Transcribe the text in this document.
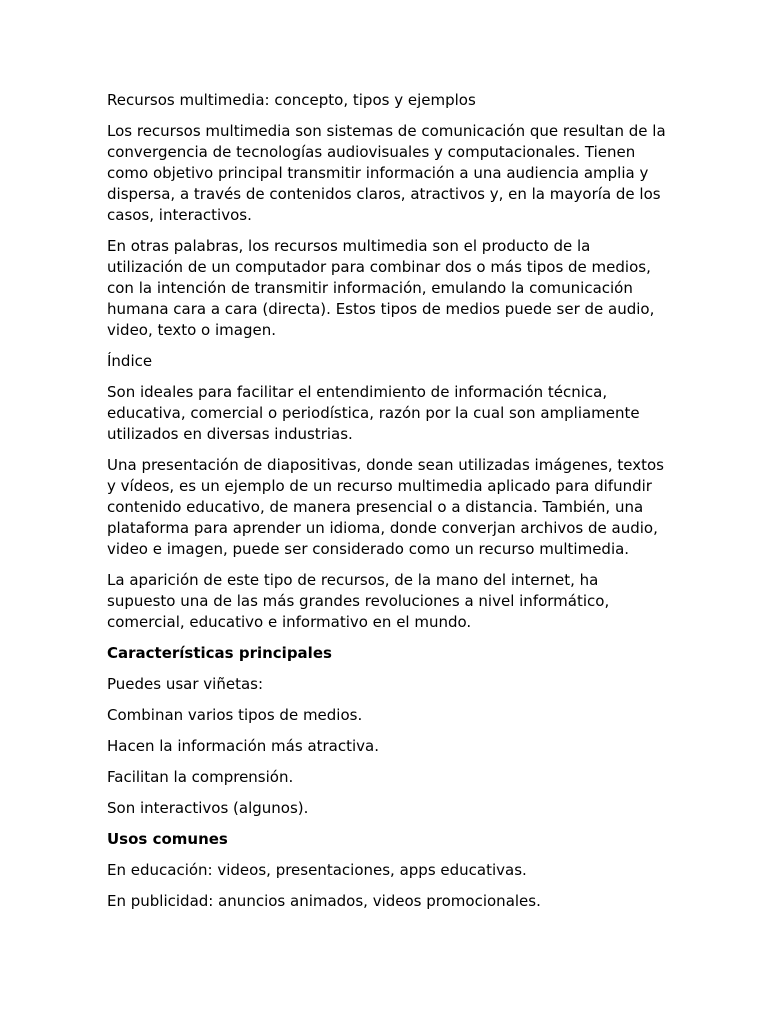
Recursos multimedia: concepto, tipos y ejemplos

Los recursos multimedia son sistemas de comunicación que resultan de la convergencia de tecnologías audiovisuales y computacionales. Tienen como objetivo principal transmitir información a una audiencia amplia y dispersa, a través de contenidos claros, atractivos y, en la mayoría de los casos, interactivos.

En otras palabras, los recursos multimedia son el producto de la utilización de un computador para combinar dos o más tipos de medios, con la intención de transmitir información, emulando la comunicación humana cara a cara (directa). Estos tipos de medios puede ser de audio, video, texto o imagen.

Índice

Son ideales para facilitar el entendimiento de información técnica, educativa, comercial o periodística, razón por la cual son ampliamente utilizados en diversas industrias.

Una presentación de diapositivas, donde sean utilizadas imágenes, textos y vídeos, es un ejemplo de un recurso multimedia aplicado para difundir contenido educativo, de manera presencial o a distancia. También, una plataforma para aprender un idioma, donde converjan archivos de audio, video e imagen, puede ser considerado como un recurso multimedia.

La aparición de este tipo de recursos, de la mano del internet, ha supuesto una de las más grandes revoluciones a nivel informático, comercial, educativo e informativo en el mundo.

Características principales

Puedes usar viñetas:

Combinan varios tipos de medios.

Hacen la información más atractiva.

Facilitan la comprensión.

Son interactivos (algunos).

Usos comunes

En educación: videos, presentaciones, apps educativas.

En publicidad: anuncios animados, videos promocionales.
